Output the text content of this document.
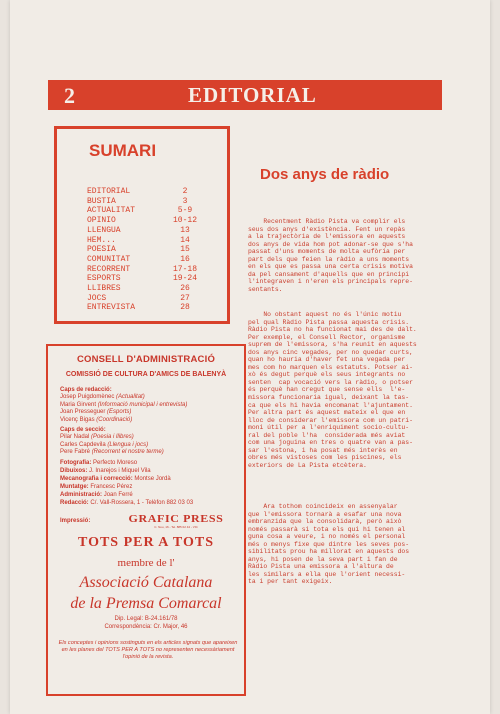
2	EDITORIAL
SUMARI
EDITORIAL	2
BUSTIA	3
ACTUALITAT	5-9
OPINIO	10-12
LLENGUA	13
HEM...	14
POESIA	15
COMUNITAT	16
RECORRENT	17-18
ESPORTS	19-24
LLIBRES	26
JOCS	27
ENTREVISTA	28
CONSELL D'ADMINISTRACIÓ
COMISSIÓ DE CULTURA D'AMICS DE BALENYÀ
Caps de redacció:
Josep Puigdomènec (Actualitat)
Maria Girvent (Informació municipal i entrevista)
Joan Presseguer (Esports)
Vicenç Bigas (Coordinació)
Caps de secció:
Pilar Nadal (Poesia i llibres)
Carles Capdevila (Llengua i jocs)
Pere Fabré (Recorrent el nostre terme)
Fotografia: Perfecto Moreso
Dibuixos: J. Inarejos i Miquel Vila
Mecanografia i correcció: Montse Jordà
Muntatge: Francesc Pérez
Administració: Joan Ferré
Redacció: C/. Vall-Rossera, 1 - Telèfon 882 03 03
Impressió:	GRAFIC PRESS
C. Nou, 16 - Tel. 885 02 44 - VIC
TOTS PER A TOTS
membre de l'
Associació Catalana
de la Premsa Comarcal
Dip. Legal: B-24.161/78
Correspondència: Cr. Major, 46
Els conceptes i opinions sostinguts en els articles signats que apareixen en les planes del TOTS PER A TOTS no representen necessàriament l'opinió de la revista.
Dos anys de ràdio
Recentment Ràdio Pista va complir els
seus dos anys d'existència. Fent un repàs
a la trajectòria de l'emissora en aquests
dos anys de vida hom pot adonar-se que s'ha
passat d'uns moments de molta eufòria per
part dels que feien la ràdio a uns moments
en els que es passa una certa crisis motiva
da pel cansament d'aquells que en principi
l'integraven i n'eren els principals repre-
sentants.
No obstant aquest no és l'únic motiu
pel qual Ràdio Pista passa aquesta crisis.
Ràdio Pista no ha funcionat mai des de dalt.
Per exemple, el Consell Rector, organisme
suprem de l'emissora, s'ha reunit en aquests
dos anys cinc vegades, per no quedar curts,
quan ho hauria d'haver fet una vegada per
mes com ho marquen els estatuts. Potser ai-
xò és degut perquè els seus integrants no
senten  cap vocació vers la ràdio, o potser
és perquè han cregut que sense ells  l'e-
missora funcionaria igual, deixant la tas-
ca que els hi havia encomanat l'ajuntament.
Per altra part és aquest mateix el que en
lloc de considerar l'emissora com un patri-
moni útil per a l'enriquiment socio-cultu-
ral del poble l'ha  considerada més aviat
com una joguina en tres o quatre van a pas-
sar l'estona, i ha posat més interès en
obres més vistoses com les piscines, els
exteriors de La Pista etcètera.
Ara tothom coincideix en assenyalar
que l'emissora tornarà a esafar una nova
embranzida que la consolidarà, però això
només passarà si tota els qui hi tenen al
guna cosa a veure, i no només el personal
més o menys fixe que dintre les seves pos-
sibilitats prou ha millorat en aquests dos
anys, hi posen de la seva part i fan de
Ràdio Pista una emissora a l'altura de
les similars a ella que l'orient necessi-
ta i per tant exigeix.
